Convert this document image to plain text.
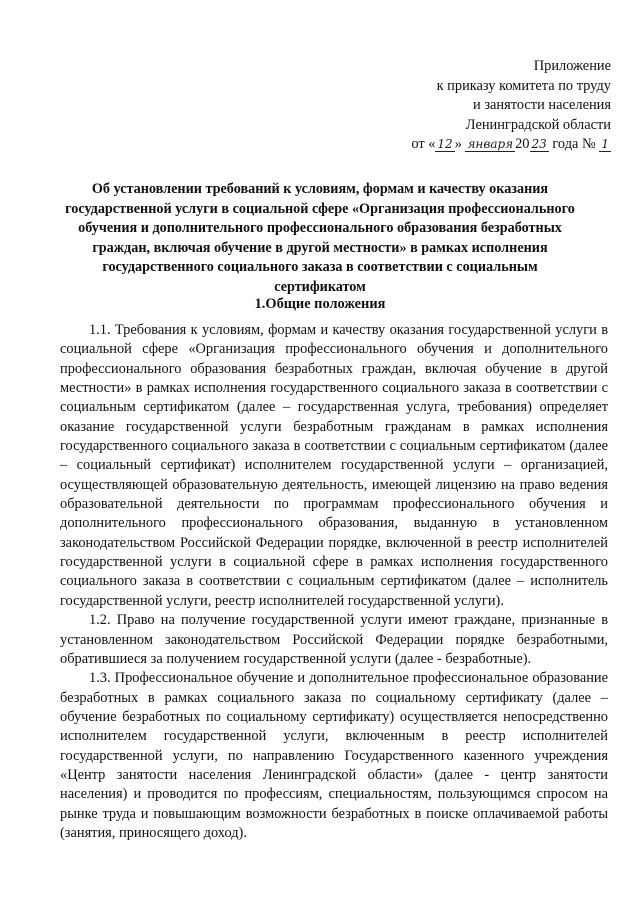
Приложение
к приказу комитета по труду
и занятости населения
Ленинградской области
от « 12 » января 20 23 года № 1
Об установлении требований к условиям, формам и качеству оказания государственной услуги в социальной сфере «Организация профессионального обучения и дополнительного профессионального образования безработных граждан, включая обучение в другой местности» в рамках исполнения государственного социального заказа в соответствии с социальным сертификатом
1.Общие положения

1.1. Требования к условиям, формам и качеству оказания государственной услуги в социальной сфере «Организация профессионального обучения и дополнительного профессионального образования безработных граждан, включая обучение в другой местности» в рамках исполнения государственного социального заказа в соответствии с социальным сертификатом (далее – государственная услуга, требования) определяет оказание государственной услуги безработным гражданам в рамках исполнения государственного социального заказа в соответствии с социальным сертификатом (далее – социальный сертификат) исполнителем государственной услуги – организацией, осуществляющей образовательную деятельность, имеющей лицензию на право ведения образовательной деятельности по программам профессионального обучения и дополнительного профессионального образования, выданную в установленном законодательством Российской Федерации порядке, включенной в реестр исполнителей государственной услуги в социальной сфере в рамках исполнения государственного социального заказа в соответствии с социальным сертификатом (далее – исполнитель государственной услуги, реестр исполнителей государственной услуги).

1.2. Право на получение государственной услуги имеют граждане, признанные в установленном законодательством Российской Федерации порядке безработными, обратившиеся за получением государственной услуги (далее - безработные).

1.3. Профессиональное обучение и дополнительное профессиональное образование безработных в рамках социального заказа по социальному сертификату (далее – обучение безработных по социальному сертификату) осуществляется непосредственно исполнителем государственной услуги, включенным в реестр исполнителей государственной услуги, по направлению Государственного казенного учреждения «Центр занятости населения Ленинградской области» (далее - центр занятости населения) и проводится по профессиям, специальностям, пользующимся спросом на рынке труда и повышающим возможности безработных в поиске оплачиваемой работы (занятия, приносящего доход).
